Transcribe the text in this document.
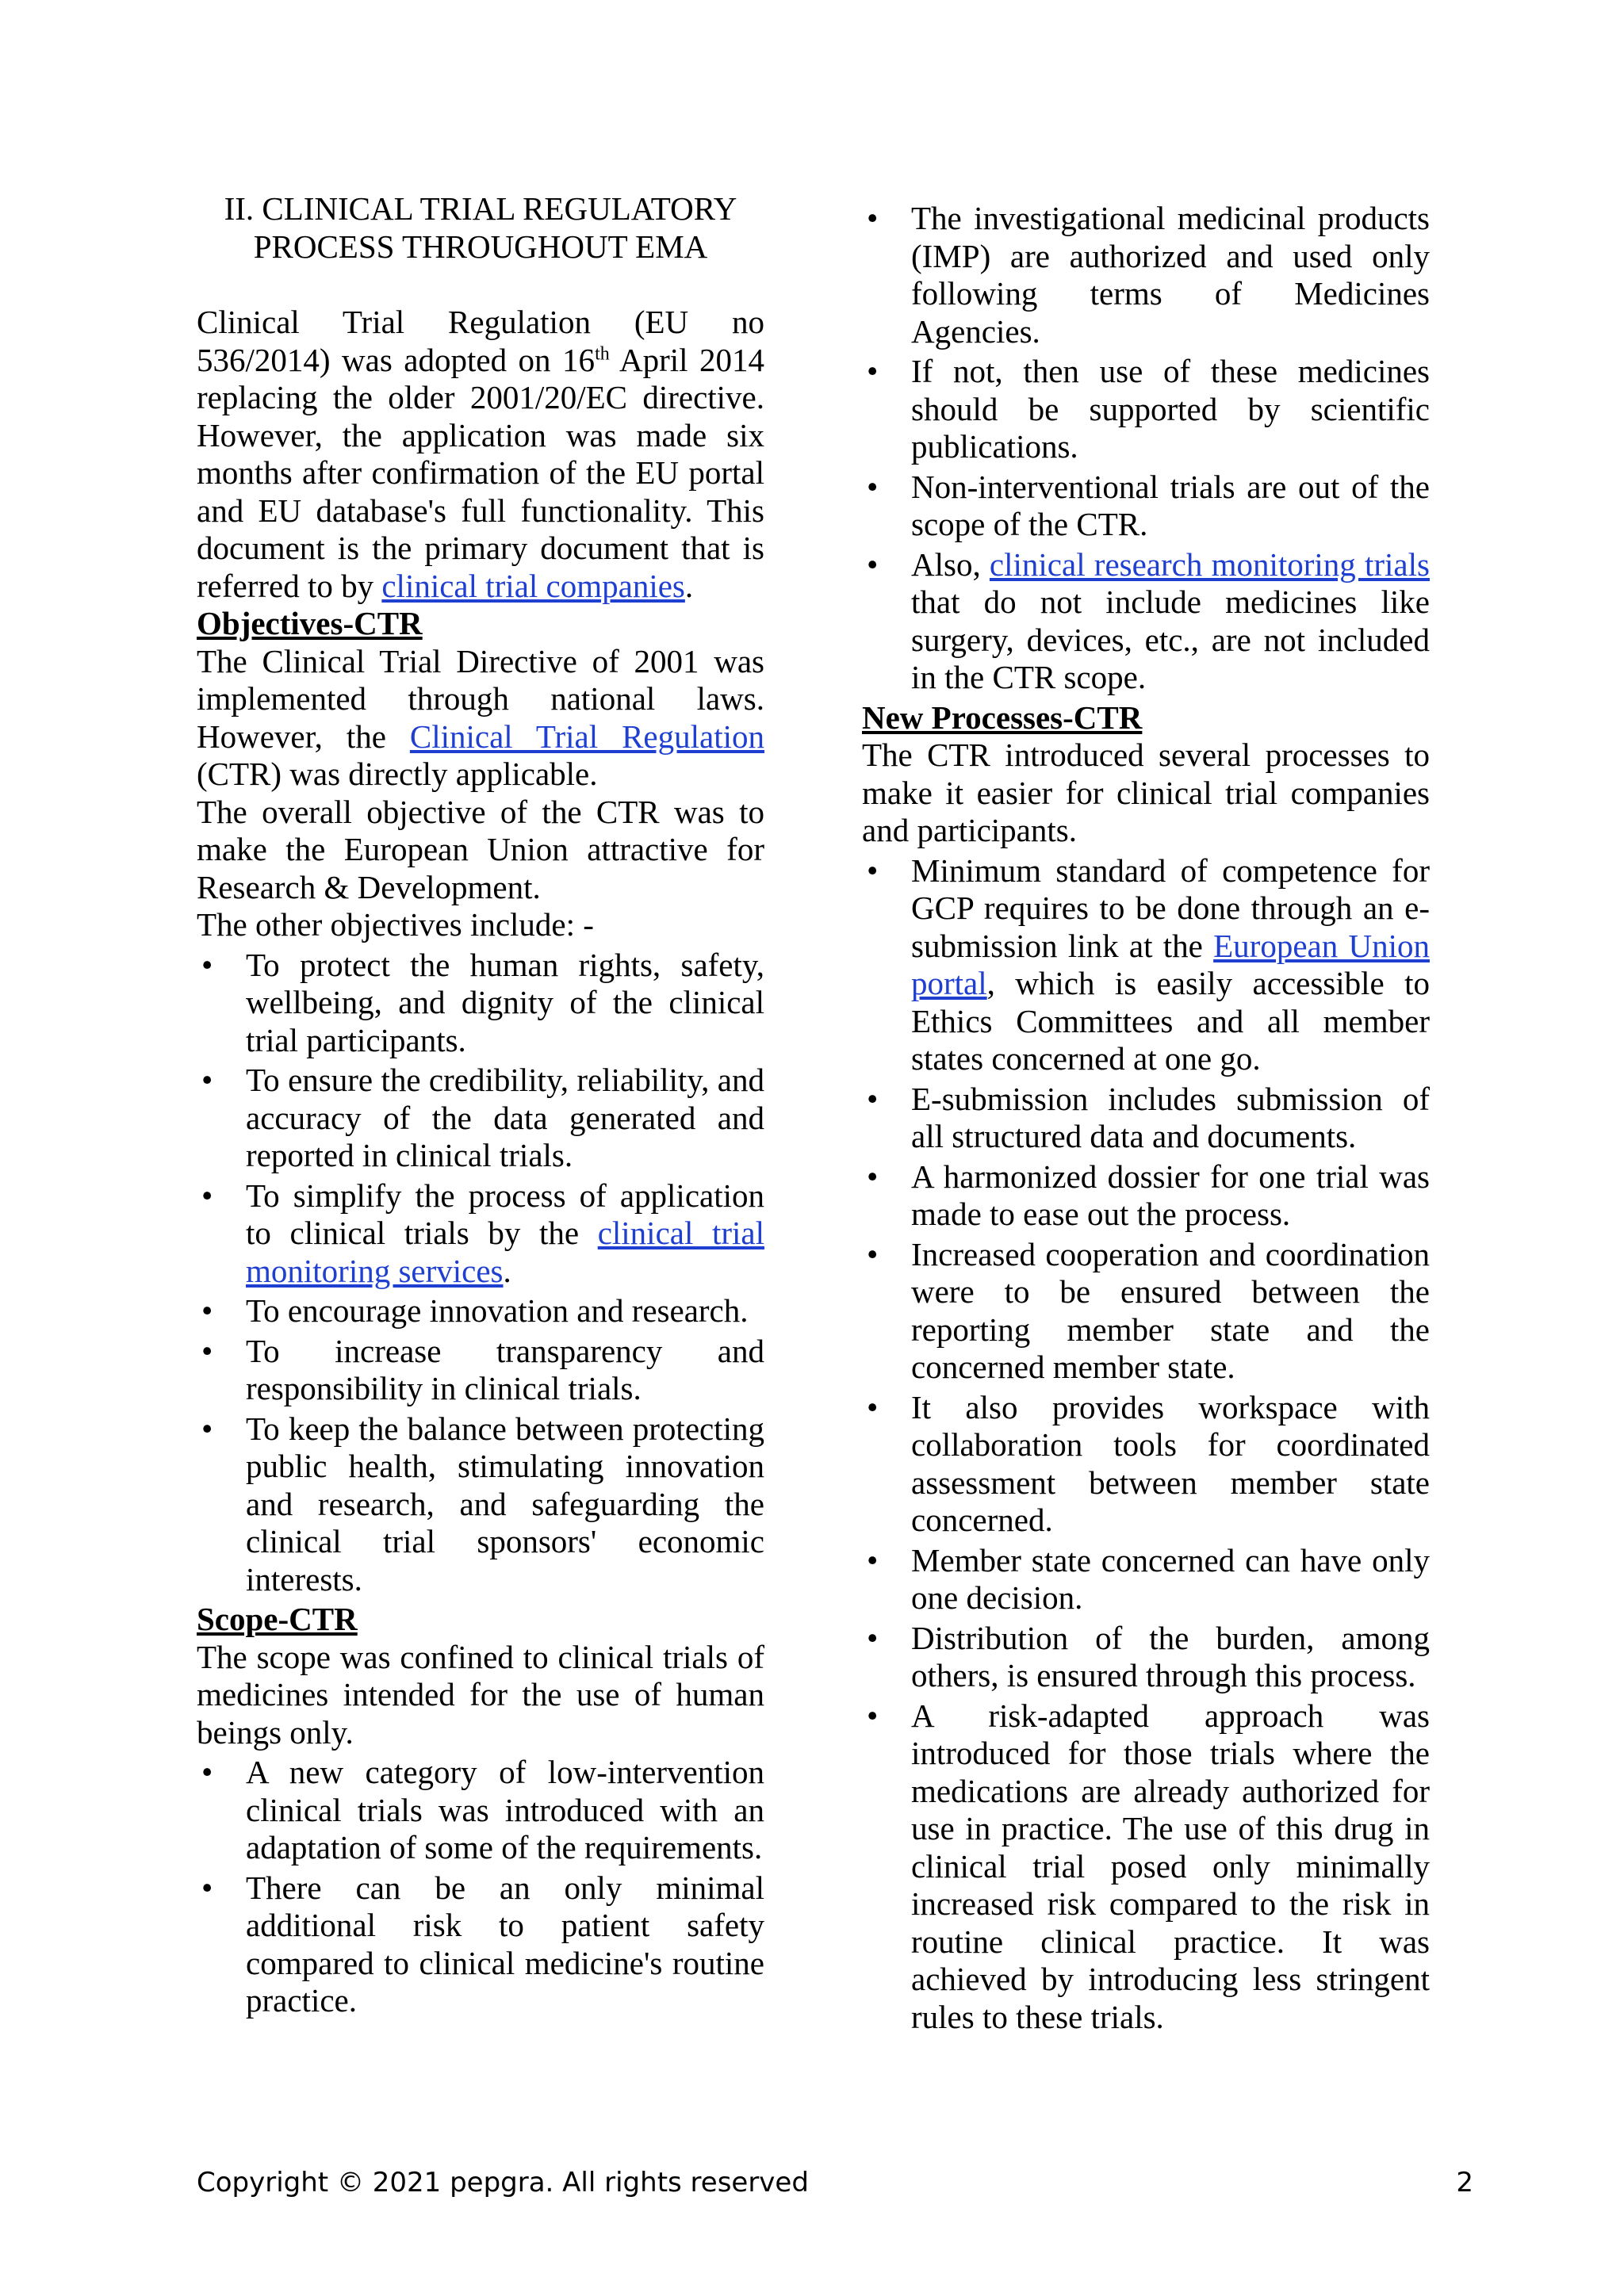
II. CLINICAL TRIAL REGULATORY
PROCESS THROUGHOUT EMA

Clinical Trial Regulation (EU no 536/2014) was adopted on 16th April 2014 replacing the older 2001/20/EC directive. However, the application was made six months after confirmation of the EU portal and EU database's full functionality. This document is the primary document that is referred to by clinical trial companies.

Objectives-CTR

The Clinical Trial Directive of 2001 was implemented through national laws. However, the Clinical Trial Regulation (CTR) was directly applicable.

The overall objective of the CTR was to make the European Union attractive for Research & Development.

The other objectives include: -

•	To protect the human rights, safety, wellbeing, and dignity of the clinical trial participants.
•	To ensure the credibility, reliability, and accuracy of the data generated and reported in clinical trials.
•	To simplify the process of application to clinical trials by the clinical trial monitoring services.
•	To encourage innovation and research.
•	To increase transparency and responsibility in clinical trials.
•	To keep the balance between protecting public health, stimulating innovation and research, and safeguarding the clinical trial sponsors' economic interests.
Scope-CTR

The scope was confined to clinical trials of medicines intended for the use of human beings only.

•	A new category of low-intervention clinical trials was introduced with an adaptation of some of the requirements.
•	There can be an only minimal additional risk to patient safety compared to clinical medicine's routine practice.
•	The investigational medicinal products (IMP) are authorized and used only following terms of Medicines Agencies.
•	If not, then use of these medicines should be supported by scientific publications.
•	Non-interventional trials are out of the scope of the CTR.
•	Also, clinical research monitoring trials that do not include medicines like surgery, devices, etc., are not included in the CTR scope.
New Processes-CTR

The CTR introduced several processes to make it easier for clinical trial companies and participants.

•	Minimum standard of competence for GCP requires to be done through an e-submission link at the European Union portal, which is easily accessible to Ethics Committees and all member states concerned at one go.
•	E-submission includes submission of all structured data and documents.
•	A harmonized dossier for one trial was made to ease out the process.
•	Increased cooperation and coordination were to be ensured between the reporting member state and the concerned member state.
•	It also provides workspace with collaboration tools for coordinated assessment between member state concerned.
•	Member state concerned can have only one decision.
•	Distribution of the burden, among others, is ensured through this process.
•	A risk-adapted approach was introduced for those trials where the medications are already authorized for use in practice. The use of this drug in clinical trial posed only minimally increased risk compared to the risk in routine clinical practice. It was achieved by introducing less stringent rules to these trials.
Copyright © 2021 pepgra. All rights reserved	2
